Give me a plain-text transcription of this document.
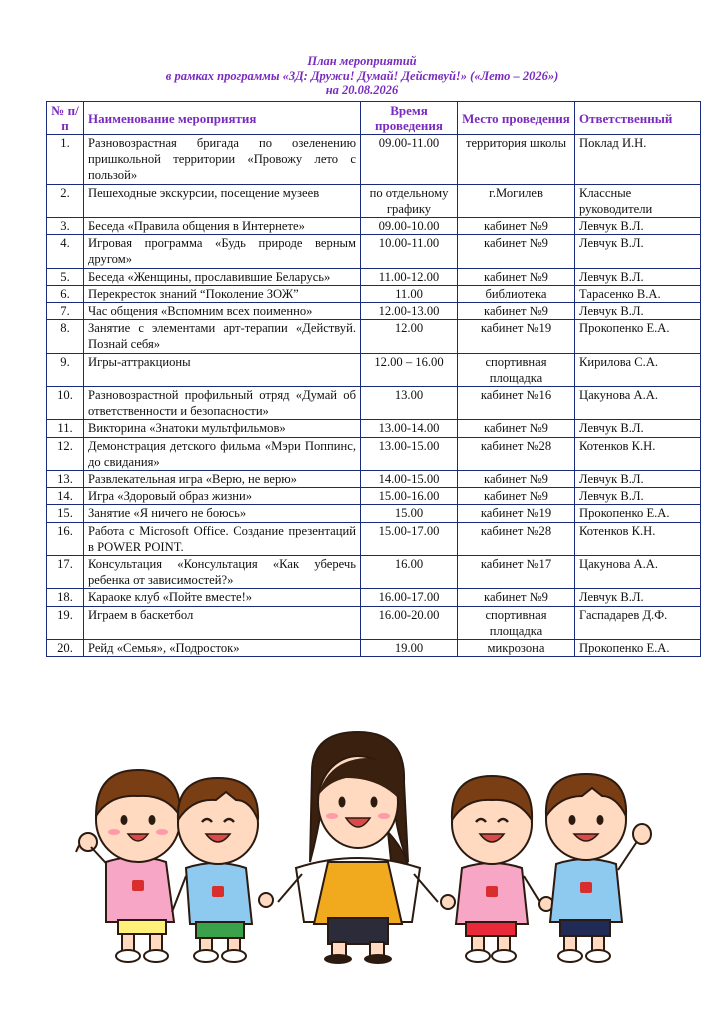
План мероприятий
в рамках программы «3Д: Дружи! Думай! Действуй!» («Лето – 2026»)
на 20.08.2026
№ п/п	Наименование мероприятия	Время проведения	Место проведения	Ответственный
1.	Разновозрастная бригада по озеленению пришкольной территории «Провожу лето с пользой»	09.00-11.00	территория школы	Поклад И.Н.
2.	Пешеходные экскурсии, посещение музеев	по отдельному графику	г.Могилев	Классные руководители
3.	Беседа «Правила общения в Интернете»	09.00-10.00	кабинет №9	Левчук В.Л.
4.	Игровая программа «Будь природе верным другом»	10.00-11.00	кабинет №9	Левчук В.Л.
5.	Беседа «Женщины, прославившие Беларусь»	11.00-12.00	кабинет №9	Левчук В.Л.
6.	Перекресток знаний “Поколение ЗОЖ”	11.00	библиотека	Тарасенко В.А.
7.	Час общения «Вспомним всех поименно»	12.00-13.00	кабинет №9	Левчук В.Л.
8.	Занятие с элементами арт-терапии «Действуй. Познай себя»	12.00	кабинет №19	Прокопенко Е.А.
9.	Игры-аттракционы	12.00 – 16.00	спортивная площадка	Кирилова С.А.
10.	Разновозрастной профильный отряд «Думай об ответственности и безопасности»	13.00	кабинет №16	Цакунова А.А.
11.	Викторина «Знатоки мультфильмов»	13.00-14.00	кабинет №9	Левчук В.Л.
12.	Демонстрация детского фильма «Мэри Поппинс, до свидания»	13.00-15.00	кабинет №28	Котенков К.Н.
13.	Развлекательная игра «Верю, не верю»	14.00-15.00	кабинет №9	Левчук В.Л.
14.	Игра «Здоровый образ жизни»	15.00-16.00	кабинет №9	Левчук В.Л.
15.	Занятие «Я ничего не боюсь»	15.00	кабинет №19	Прокопенко Е.А.
16.	Работа с Microsoft Office. Создание презентаций в POWER POINT.	15.00-17.00	кабинет №28	Котенков К.Н.
17.	Консультация «Консультация «Как уберечь ребенка от зависимостей?»	16.00	кабинет №17	Цакунова А.А.
18.	Караоке клуб «Пойте вместе!»	16.00-17.00	кабинет №9	Левчук В.Л.
19.	Играем в баскетбол	16.00-20.00	спортивная площадка	Гаспадарев Д.Ф.
20.	Рейд «Семья», «Подросток»	19.00	микрозона	Прокопенко Е.А.
